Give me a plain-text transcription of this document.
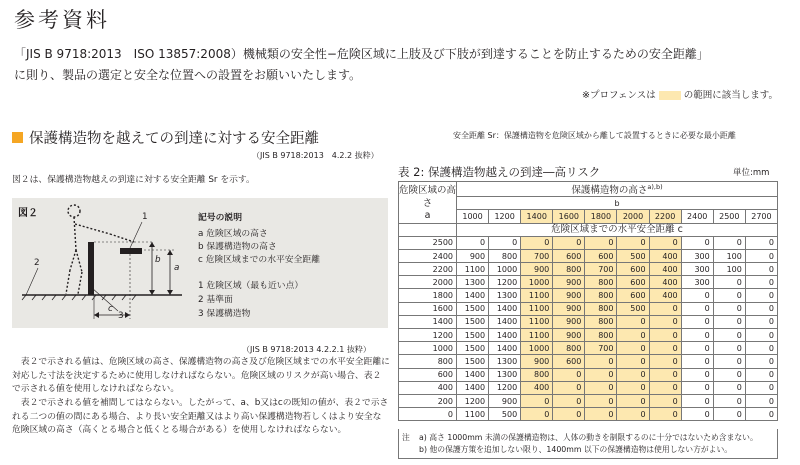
参考資料
「JIS B 9718:2013　ISO 13857:2008）機械類の安全性−危険区域に上肢及び下肢が到達することを防止するための安全距離」
に則り、製品の選定と安全な位置への設置をお願いいたします。
※プロフェンスは	の範囲に該当します。
保護構造物を越えての到達に対する安全距離
（JIS B 9718:2013　4.2.2 抜粋）
安全距離 Sr：保護構造物を危険区域から離して設置するときに必要な最小距離
図２は、保護構造物越えの到達に対する安全距離 Sr を示す。
図２	1
2
3
a
b
c
記号の説明
a 危険区域の高さ
b 保護構造物の高さ
c 危険区域までの水平安全距離
1 危険区域（最も近い点）
2 基準面
3 保護構造物
（JIS B 9718:2013 4.2.2.1 抜粋）
　表２で示される値は、危険区域の高さ、保護構造物の高さ及び危険区域までの水平安全距離に対応した寸法を決定するために使用しなければならない。危険区域のリスクが高い場合、表２で示される値を使用しなければならない。
　表２で示される値を補間してはならない。したがって、a、b又はcの既知の値が、表２で示される二つの値の間にある場合、より長い安全距離又はより高い保護構造物若しくはより安全な危険区域の高さ（高くとる場合と低くとる場合がある）を使用しなければならない。
表 2: 保護構造物越えの到達―高リスク	単位:mm
危険区域の高さ
a	保護構造物の高さ$^{a),b)}$
	b									
	1000	1200	1400	1600	1800	2000	2200	2400	2500	2700
	危険区域までの水平安全距離 c									
2500	0	0	0	0	0	0	0	0	0	0
2400	900	800	700	600	600	500	400	300	100	0
2200	1100	1000	900	800	700	600	400	300	100	0
2000	1300	1200	1000	900	800	600	400	300	0	0
1800	1400	1300	1100	900	800	600	400	0	0	0
1600	1500	1400	1100	900	800	500	0	0	0	0
1400	1500	1400	1100	900	800	0	0	0	0	0
1200	1500	1400	1100	900	800	0	0	0	0	0
1000	1500	1400	1000	800	700	0	0	0	0	0
800	1500	1300	900	600	0	0	0	0	0	0
600	1400	1300	800	0	0	0	0	0	0	0
400	1400	1200	400	0	0	0	0	0	0	0
200	1200	900	0	0	0	0	0	0	0	0
0	1100	500	0	0	0	0	0	0	0	0
注 a) 高さ 1000mm 未満の保護構造物は、人体の動きを制限するのに十分ではないため含まない。
b) 他の保護方策を追加しない限り、1400mm 以下の保護構造物は使用しない方がよい。
